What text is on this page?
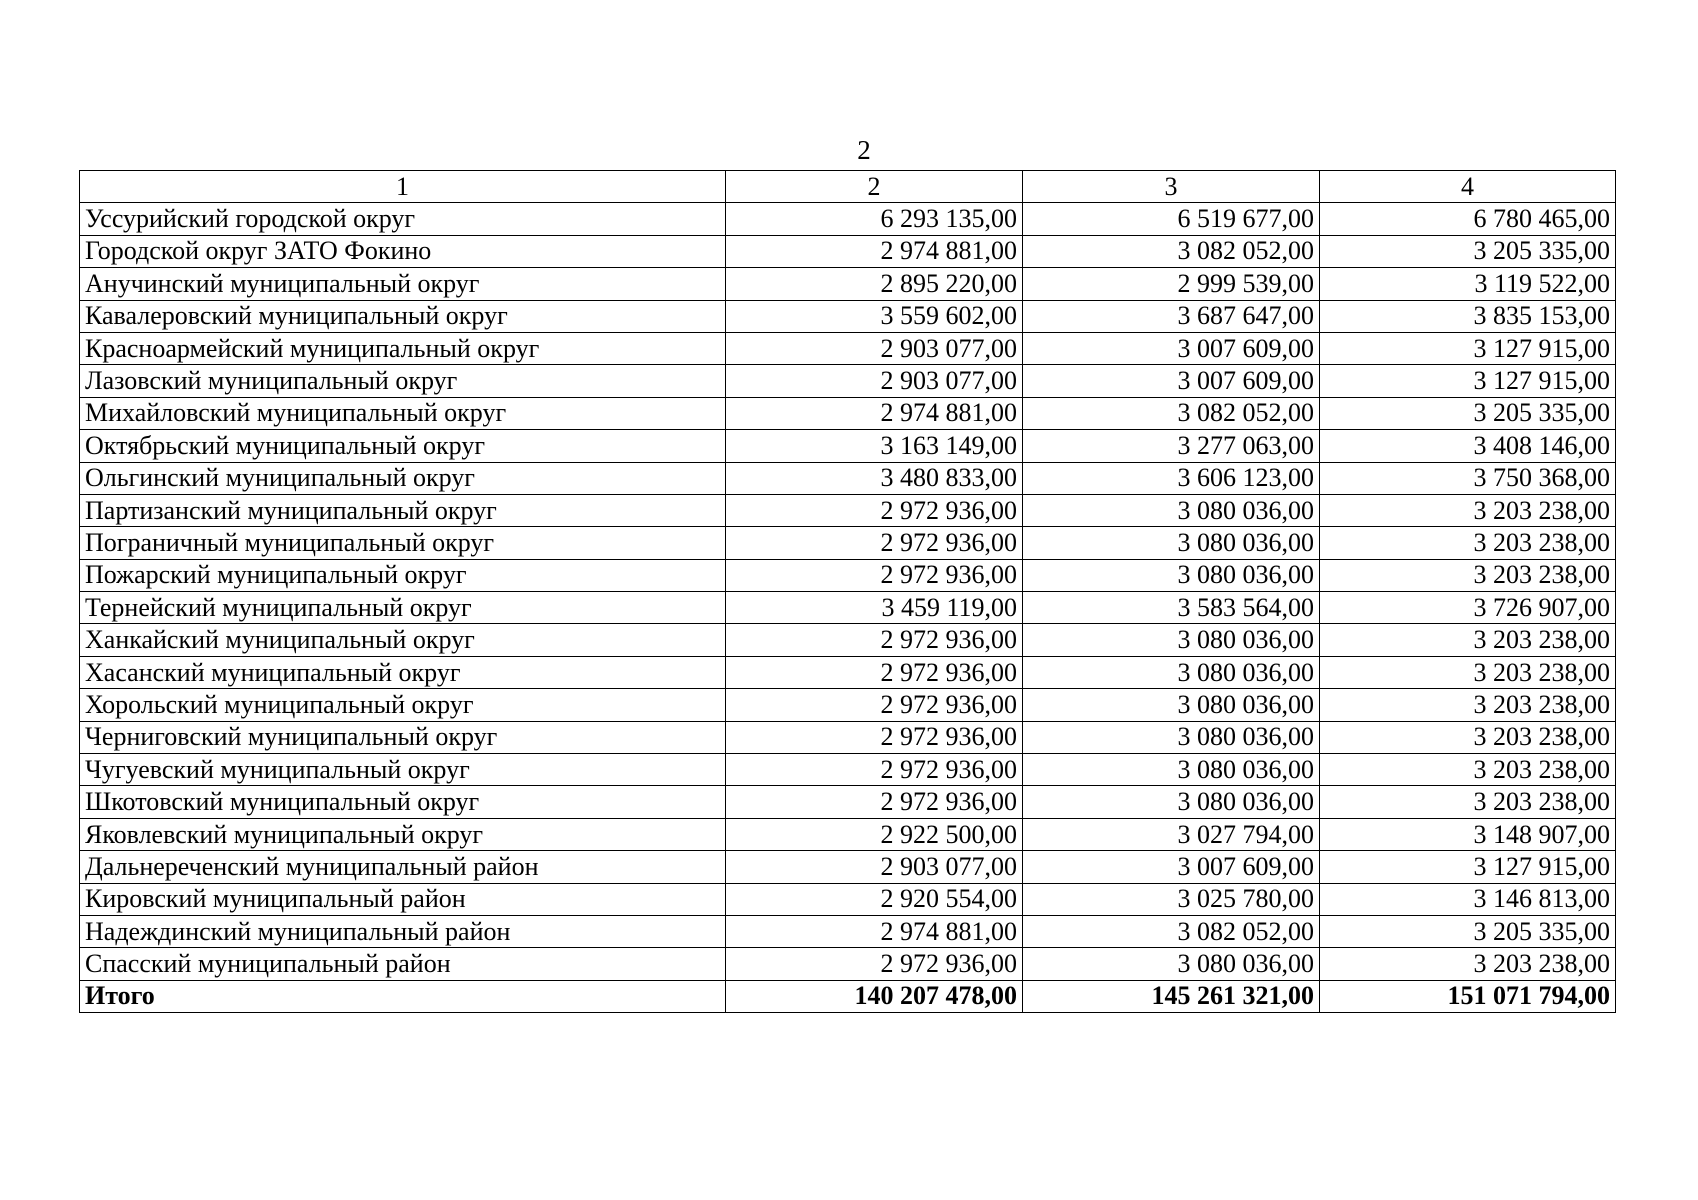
2
1	2	3	4
Уссурийский городской округ	6 293 135,00	6 519 677,00	6 780 465,00
Городской округ ЗАТО Фокино	2 974 881,00	3 082 052,00	3 205 335,00
Анучинский муниципальный округ	2 895 220,00	2 999 539,00	3 119 522,00
Кавалеровский муниципальный округ	3 559 602,00	3 687 647,00	3 835 153,00
Красноармейский муниципальный округ	2 903 077,00	3 007 609,00	3 127 915,00
Лазовский муниципальный округ	2 903 077,00	3 007 609,00	3 127 915,00
Михайловский муниципальный округ	2 974 881,00	3 082 052,00	3 205 335,00
Октябрьский муниципальный округ	3 163 149,00	3 277 063,00	3 408 146,00
Ольгинский муниципальный округ	3 480 833,00	3 606 123,00	3 750 368,00
Партизанский муниципальный округ	2 972 936,00	3 080 036,00	3 203 238,00
Пограничный муниципальный округ	2 972 936,00	3 080 036,00	3 203 238,00
Пожарский муниципальный округ	2 972 936,00	3 080 036,00	3 203 238,00
Тернейский муниципальный округ	3 459 119,00	3 583 564,00	3 726 907,00
Ханкайский муниципальный округ	2 972 936,00	3 080 036,00	3 203 238,00
Хасанский муниципальный округ	2 972 936,00	3 080 036,00	3 203 238,00
Хорольский муниципальный округ	2 972 936,00	3 080 036,00	3 203 238,00
Черниговский муниципальный округ	2 972 936,00	3 080 036,00	3 203 238,00
Чугуевский муниципальный округ	2 972 936,00	3 080 036,00	3 203 238,00
Шкотовский муниципальный округ	2 972 936,00	3 080 036,00	3 203 238,00
Яковлевский муниципальный округ	2 922 500,00	3 027 794,00	3 148 907,00
Дальнереченский муниципальный район	2 903 077,00	3 007 609,00	3 127 915,00
Кировский муниципальный район	2 920 554,00	3 025 780,00	3 146 813,00
Надеждинский муниципальный район	2 974 881,00	3 082 052,00	3 205 335,00
Спасский муниципальный район	2 972 936,00	3 080 036,00	3 203 238,00
Итого	140 207 478,00	145 261 321,00	151 071 794,00
